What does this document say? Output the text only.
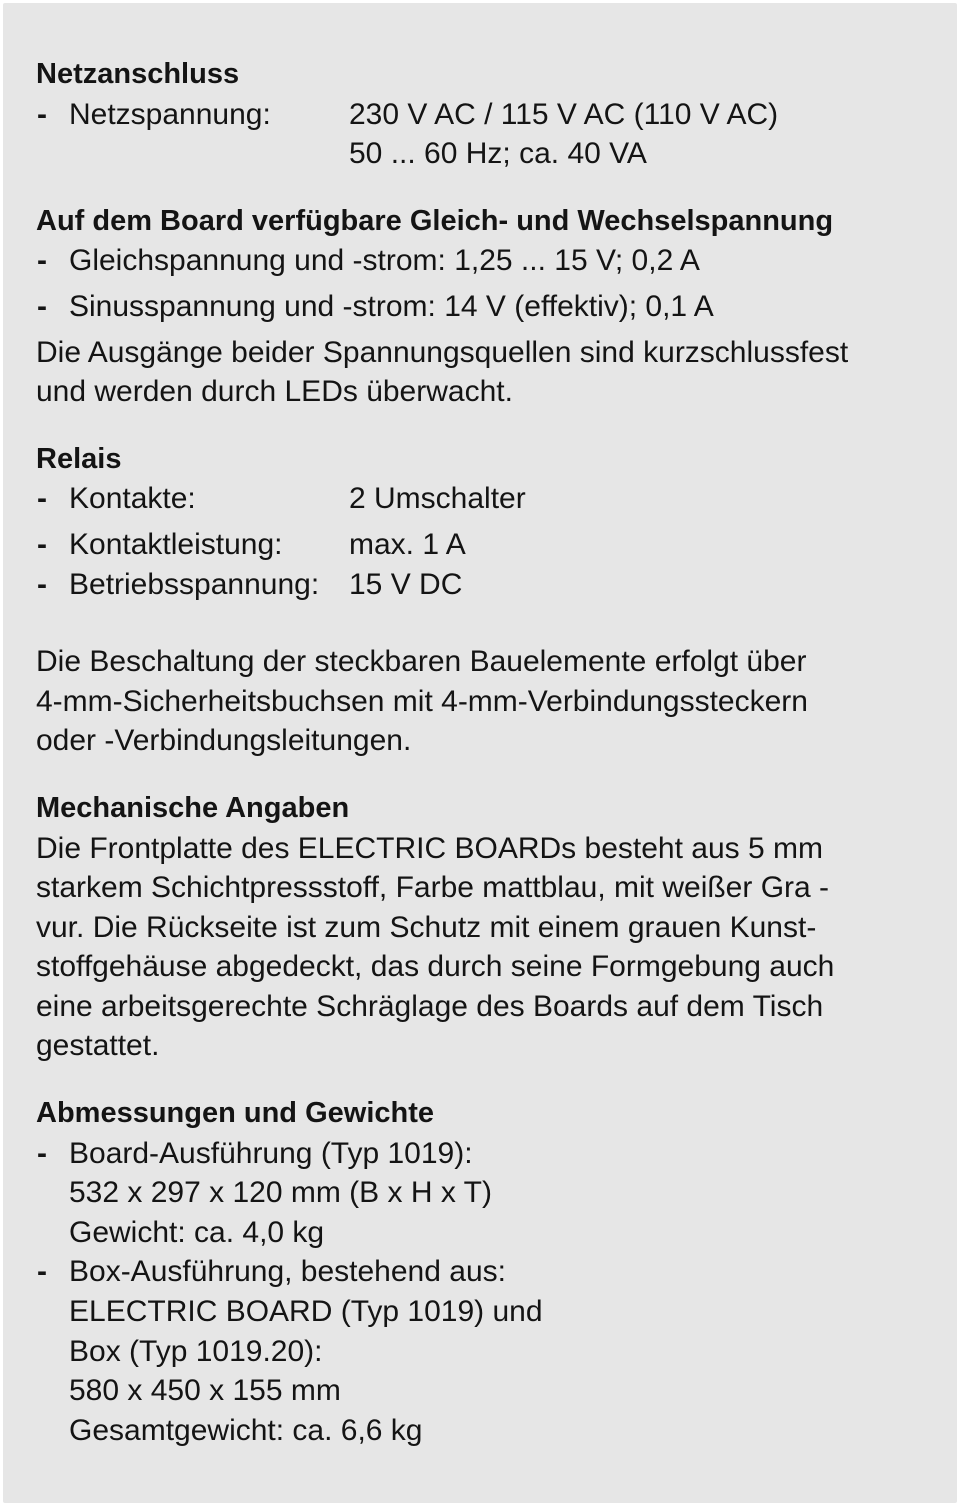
Netzanschluss
- Netzspannung:	230 V AC / 115 V AC (110 V AC)
50 ... 60 Hz; ca. 40 VA
Auf dem Board verfügbare Gleich- und Wechselspannung
- Gleichspannung und -strom: 1,25 ... 15 V; 0,2 A
- Sinusspannung und -strom: 14 V (effektiv); 0,1 A
Die Ausgänge beider Spannungsquellen sind kurzschlussfest
und werden durch LEDs überwacht.
Relais
- Kontakte:	2 Umschalter
- Kontaktleistung: max. 1 A
- Betriebsspannung: 15 V DC
Die Beschaltung der steckbaren Bauelemente erfolgt über
4-mm-Sicherheitsbuchsen mit 4-mm-Verbindungssteckern
oder -Verbindungsleitungen.
Mechanische Angaben
Die Frontplatte des ELECTRIC BOARDs besteht aus 5 mm
starkem Schichtpressstoff, Farbe mattblau, mit weißer Gra -
vur. Die Rückseite ist zum Schutz mit einem grauen Kunst-
stoffgehäuse abgedeckt, das durch seine Formgebung auch
eine arbeitsgerechte Schräglage des Boards auf dem Tisch
gestattet.
Abmessungen und Gewichte
- Board-Ausführung (Typ 1019):
532 x 297 x 120 mm (B x H x T)
Gewicht: ca. 4,0 kg
- Box-Ausführung, bestehend aus:
ELECTRIC BOARD (Typ 1019) und
Box (Typ 1019.20):
580 x 450 x 155 mm
Gesamtgewicht: ca. 6,6 kg
